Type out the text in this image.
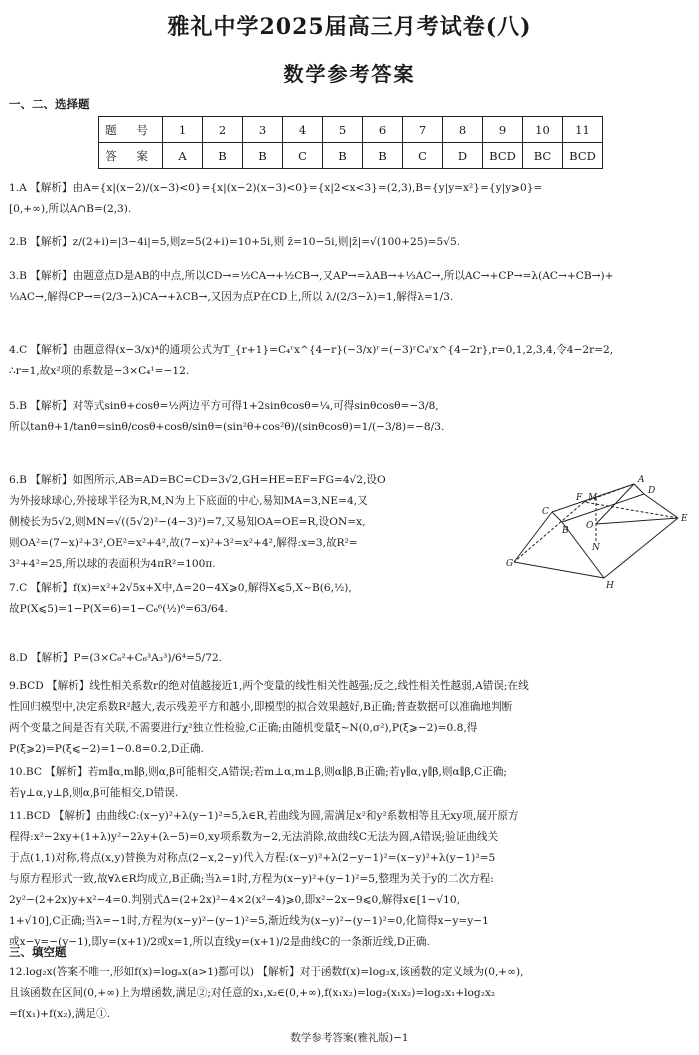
雅礼中学2025届高三月考试卷(八)
数学参考答案
一、二、选择题
题 号	1	2	3	4	5	6	7	8	9	10	11
答 案	A	B	B	C	B	B	C	D	BCD	BC	BCD
1.A 【解析】由A={x|(x−2)/(x−3)<0}={x|(x−2)(x−3)<0}={x|2<x<3}=(2,3),B={y|y=x²}={y|y⩾0}=
[0,+∞),所以A∩B=(2,3).
2.B 【解析】z/(2+i)=|3−4i|=5,则z=5(2+i)=10+5i,则 z̄=10−5i,则|z̄|=√(100+25)=5√5.
3.B 【解析】由题意点D是AB的中点,所以CD→=½CA→+½CB→,又AP→=λAB→+⅓AC→,所以AC→+CP→=λ(AC→+CB→)+
⅓AC→,解得CP→=(2/3−λ)CA→+λCB→,又因为点P在CD上,所以 λ/(2/3−λ)=1,解得λ=1/3.
4.C 【解析】由题意得(x−3/x)⁴的通项公式为T_{r+1}=C₄ʳx^{4−r}(−3/x)ʳ=(−3)ʳC₄ʳx^{4−2r},r=0,1,2,3,4,令4−2r=2,
∴r=1,故x²项的系数是−3×C₄¹=−12.
5.B 【解析】对等式sinθ+cosθ=½两边平方可得1+2sinθcosθ=¼,可得sinθcosθ=−3/8,
所以tanθ+1/tanθ=sinθ/cosθ+cosθ/sinθ=(sin²θ+cos²θ)/(sinθcosθ)=1/(−3/8)=−8/3.
6.B 【解析】如图所示,AB=AD=BC=CD=3√2,GH=HE=EF=FG=4√2,设O
为外接球球心,外接球半径为R,M,N为上下底面的中心,易知MA=3,NE=4,又
侧棱长为5√2,则MN=√((5√2)²−(4−3)²)=7,又易知OA=OE=R,设ON=x,
则OA²=(7−x)²+3²,OE²=x²+4²,故(7−x)²+3²=x²+4²,解得:x=3,故R²=
3²+4²=25,所以球的表面积为4πR²=100π.
7.C 【解析】f(x)=x²+2√5x+X中,Δ=20−4X⩾0,解得X⩽5,X~B(6,½),
故P(X⩽5)=1−P(X=6)=1−C₆⁶(½)⁶=63/64.
8.D 【解析】P=(3×C₆²+C₆³A₃³)/6⁴=5/72.
9.BCD 【解析】线性相关系数r的绝对值越接近1,两个变量的线性相关性越强;反之,线性相关性越弱,A错误;在线
性回归模型中,决定系数R²越大,表示残差平方和越小,即模型的拟合效果越好,B正确;普查数据可以准确地判断
两个变量之间是否有关联,不需要进行χ²独立性检验,C正确;由随机变量ξ~N(0,σ²),P(ξ⩾−2)=0.8,得
P(ξ⩾2)=P(ξ⩽−2)=1−0.8=0.2,D正确.
10.BC 【解析】若m∥α,m∥β,则α,β可能相交,A错误;若m⊥α,m⊥β,则α∥β,B正确;若γ∥α,γ∥β,则α∥β,C正确;
若γ⊥α,γ⊥β,则α,β可能相交,D错误.
11.BCD 【解析】由曲线C:(x−y)²+λ(y−1)²=5,λ∈R,若曲线为圆,需满足x²和y²系数相等且无xy项,展开原方
程得:x²−2xy+(1+λ)y²−2λy+(λ−5)=0,xy项系数为−2,无法消除,故曲线C无法为圆,A错误;验证曲线关
于点(1,1)对称,将点(x,y)替换为对称点(2−x,2−y)代入方程:(x−y)²+λ(2−y−1)²=(x−y)²+λ(y−1)²=5
与原方程形式一致,故∀λ∈R均成立,B正确;当λ=1时,方程为(x−y)²+(y−1)²=5,整理为关于y的二次方程:
2y²−(2+2x)y+x²−4=0.判别式Δ=(2+2x)²−4×2(x²−4)⩾0,即x²−2x−9⩽0,解得x∈[1−√10,
1+√10],C正确;当λ=−1时,方程为(x−y)²−(y−1)²=5,渐近线为(x−y)²−(y−1)²=0,化简得x−y=y−1
或x−y=−(y−1),即y=(x+1)/2或x=1,所以直线y=(x+1)/2是曲线C的一条渐近线,D正确.
三、填空题
12.log₂x(答案不唯一,形如f(x)=logₐx(a>1)都可以) 【解析】对于函数f(x)=log₂x,该函数的定义域为(0,+∞),
且该函数在区间(0,+∞)上为增函数,满足②;对任意的x₁,x₂∈(0,+∞),f(x₁x₂)=log₂(x₁x₂)=log₂x₁+log₂x₂
=f(x₁)+f(x₂),满足①.
A
B
C
D
E
F
G
H
M
N
O
数学参考答案(雅礼版)−1
